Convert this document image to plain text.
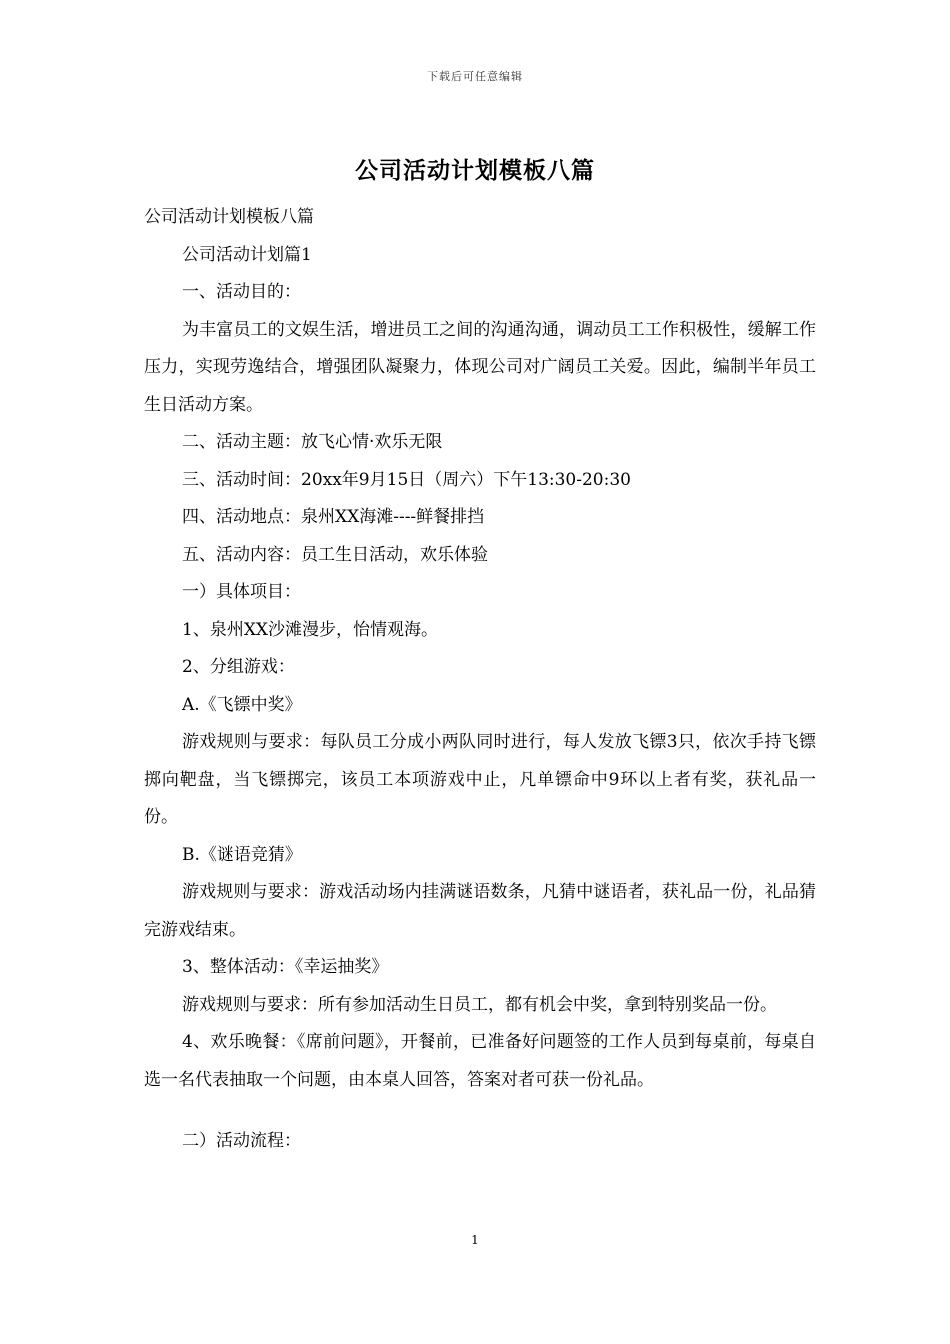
下载后可任意编辑
公司活动计划模板八篇

公司活动计划模板八篇

公司活动计划篇1

一、活动目的：

为丰富员工的文娱生活，增进员工之间的沟通沟通，调动员工工作积极性，缓解工作压力，实现劳逸结合，增强团队凝聚力，体现公司对广阔员工关爱。因此，编制半年员工生日活动方案。

二、活动主题：放飞心情·欢乐无限

三、活动时间：20xx年9月15日（周六）下午13:30-20:30

四、活动地点：泉州XX海滩----鲜餐排挡

五、活动内容：员工生日活动，欢乐体验

一）具体项目：

1、泉州XX沙滩漫步，怡情观海。

2、分组游戏：

A.《飞镖中奖》

游戏规则与要求：每队员工分成小两队同时进行，每人发放飞镖3只，依次手持飞镖掷向靶盘，当飞镖掷完，该员工本项游戏中止，凡单镖命中9环以上者有奖，获礼品一份。

B.《谜语竞猜》

游戏规则与要求：游戏活动场内挂满谜语数条，凡猜中谜语者，获礼品一份，礼品猜完游戏结束。

3、整体活动：《幸运抽奖》

游戏规则与要求：所有参加活动生日员工，都有机会中奖，拿到特别奖品一份。

4、欢乐晚餐：《席前问题》，开餐前，已准备好问题签的工作人员到每桌前，每桌自选一名代表抽取一个问题，由本桌人回答，答案对者可获一份礼品。

二）活动流程：

1
